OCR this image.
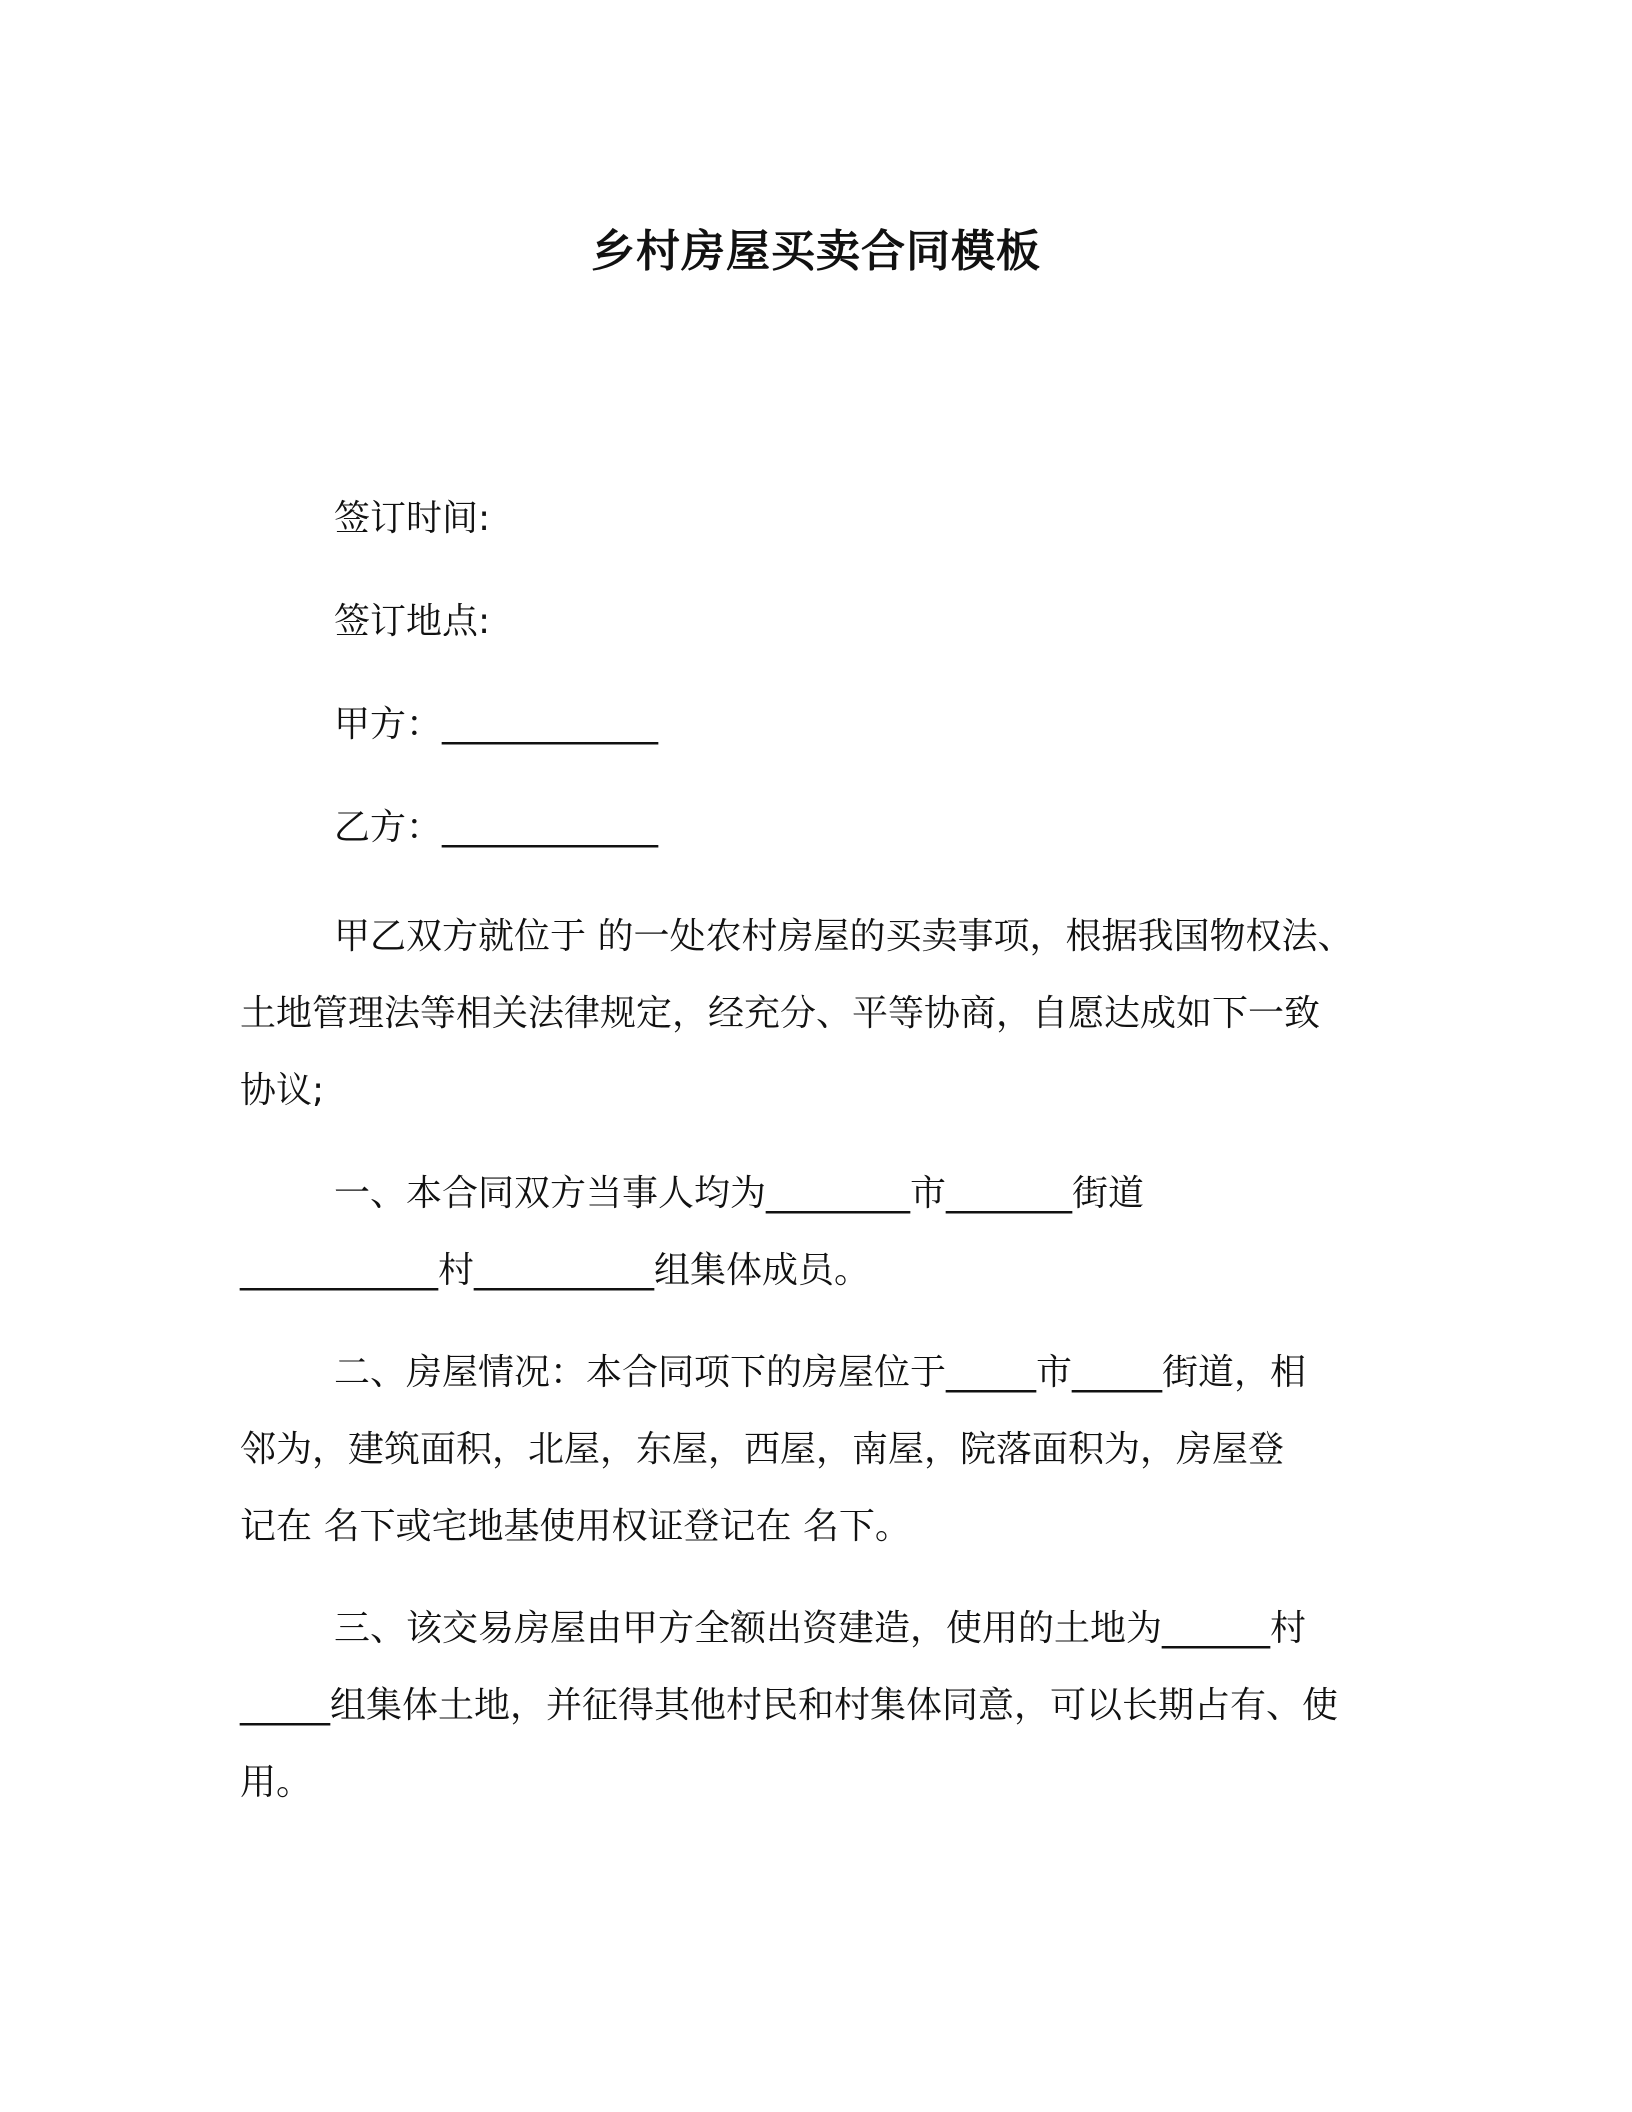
乡村房屋买卖合同模板
签订时间:
签订地点:
甲方：____________
乙方：____________
甲乙双方就位于 的一处农村房屋的买卖事项，根据我国物权法、
土地管理法等相关法律规定，经充分、平等协商，自愿达成如下一致
协议;
一、本合同双方当事人均为________市_______街道
___________村__________组集体成员。
二、房屋情况：本合同项下的房屋位于_____市_____街道，相
邻为，建筑面积，北屋，东屋，西屋，南屋，院落面积为，房屋登
记在 名下或宅地基使用权证登记在 名下。
三、该交易房屋由甲方全额出资建造，使用的土地为______村
_____组集体土地，并征得其他村民和村集体同意，可以长期占有、使
用。
